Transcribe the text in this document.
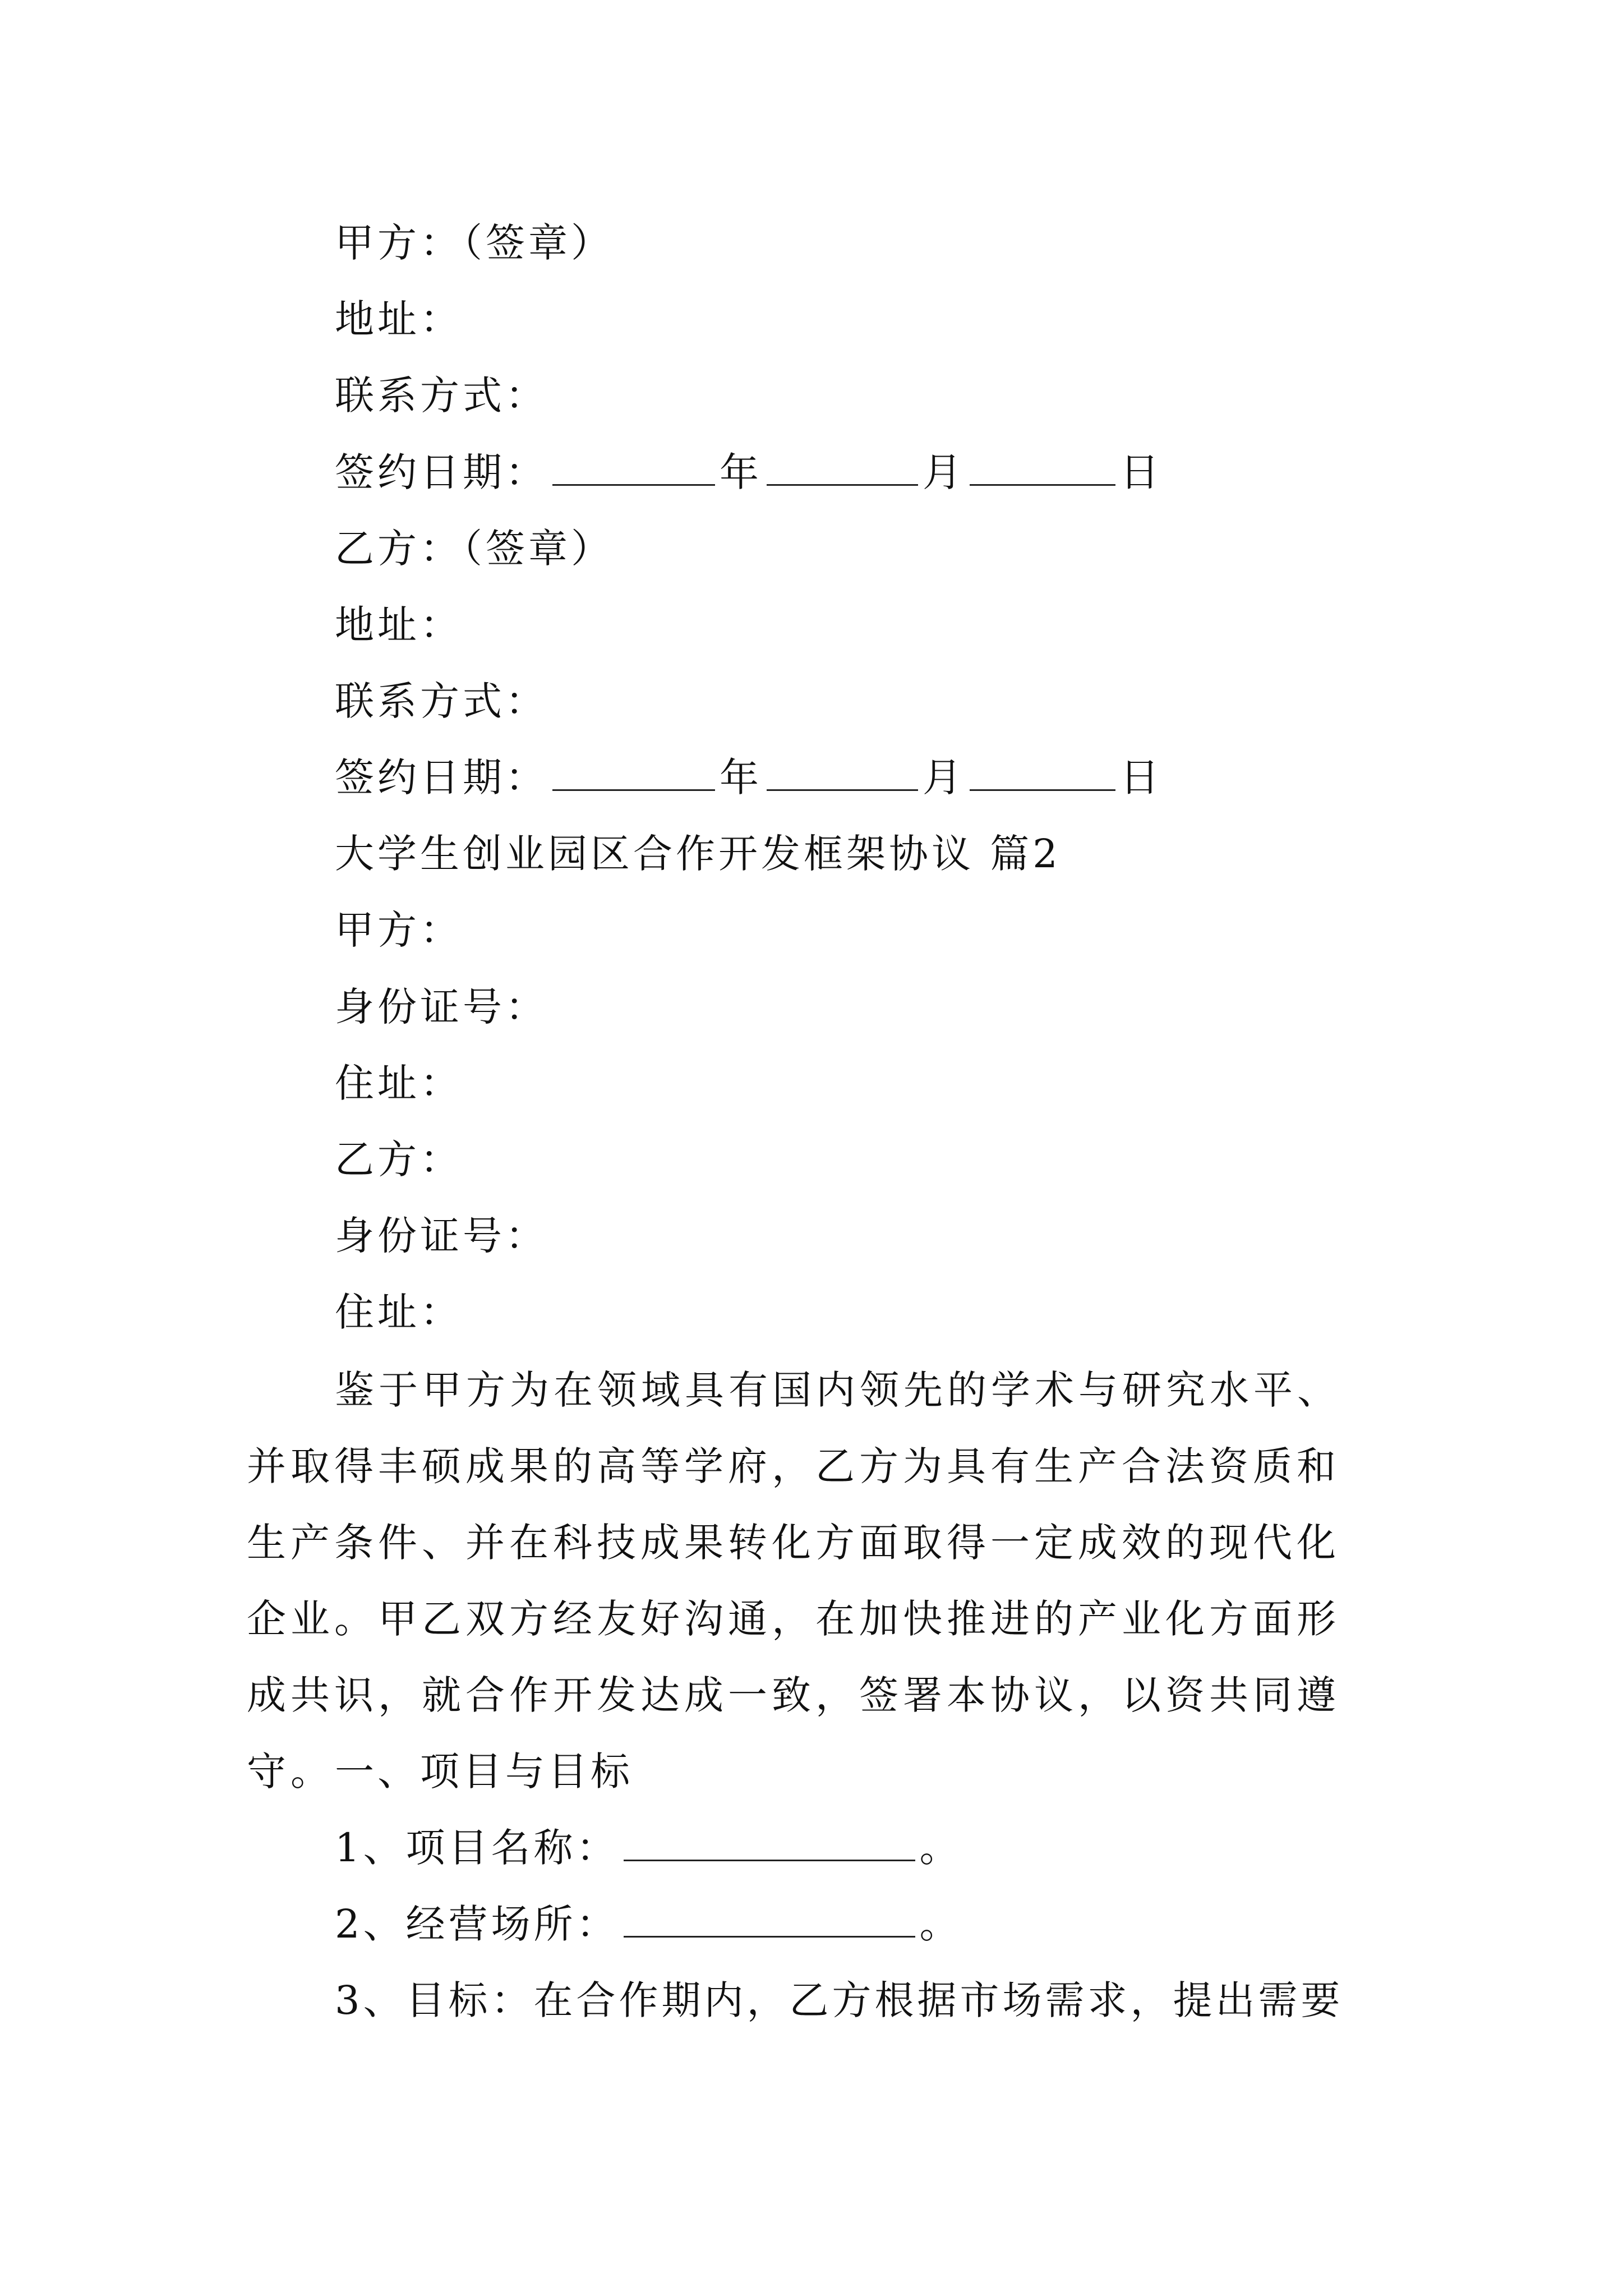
甲方：（签章）
地址：
联系方式：
签约日期：	年	月	日
乙方：（签章）
地址：
联系方式：
签约日期：	年	月	日
大学生创业园区合作开发框架协议 篇2
甲方：
身份证号：
住址：
乙方：
身份证号：
住址：

鉴于甲方为在领域具有国内领先的学术与研究水平、并取得丰硕成果的高等学府，乙方为具有生产合法资质和生产条件、并在科技成果转化方面取得一定成效的现代化企业。甲乙双方经友好沟通，在加快推进的产业化方面形成共识，就合作开发达成一致，签署本协议，以资共同遵守。 一、项目与目标
1、项目名称：	。
2、经营场所：	。
3、目标：在合作期内，乙方根据市场需求，提出需要
